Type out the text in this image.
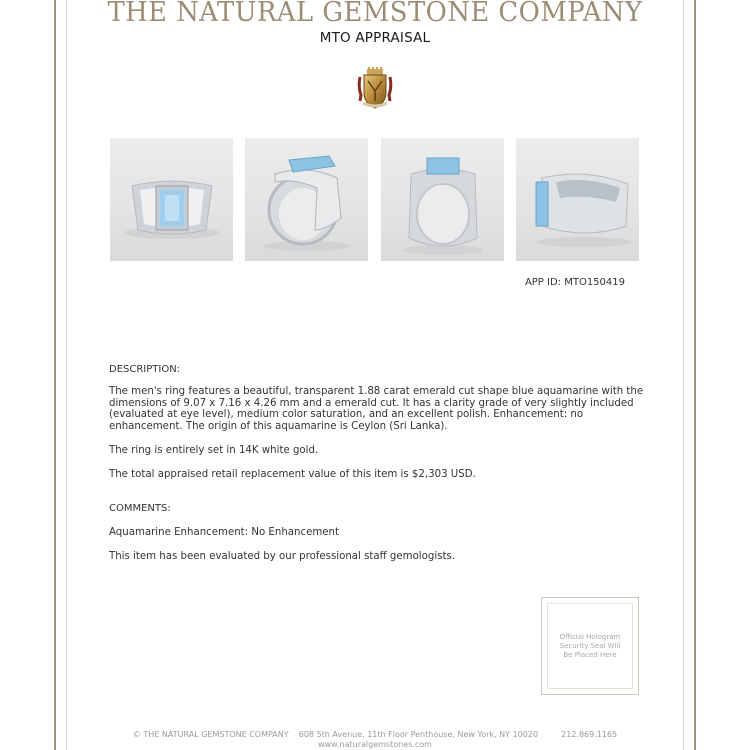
THE NATURAL GEMSTONE COMPANY
MTO APPRAISAL
APP ID: MTO150419

DESCRIPTION:

The men's ring features a beautiful, transparent 1.88 carat emerald cut shape blue aquamarine with the dimensions of 9.07 x 7.16 x 4.26 mm and a emerald cut. It has a clarity grade of very slightly included (evaluated at eye level), medium color saturation, and an excellent polish. Enhancement: no enhancement. The origin of this aquamarine is Ceylon (Sri Lanka).

The ring is entirely set in 14K white gold.

The total appraised retail replacement value of this item is $2,303 USD.

COMMENTS:

Aquamarine Enhancement: No Enhancement

This item has been evaluated by our professional staff gemologists.

Official Hologram
Security Seal Will
Be Placed Here
© THE NATURAL GEMSTONE COMPANY 608 5th Avenue, 11th Floor Penthouse, New York, NY 10020	212.869.1165
www.naturalgemstones.com
